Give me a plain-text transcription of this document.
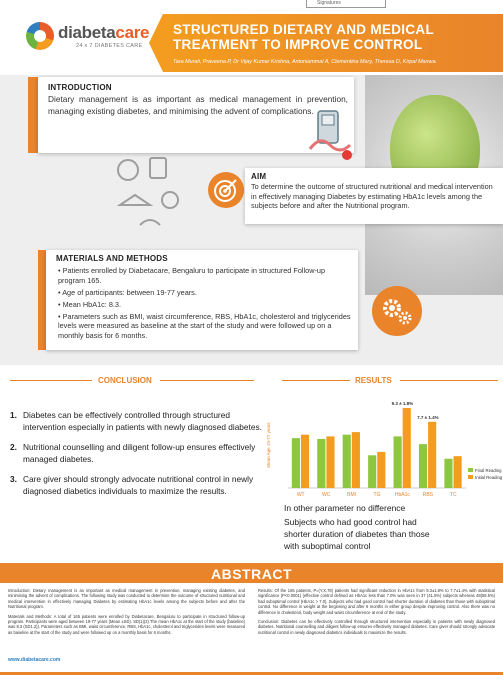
Signatures
diabetacare
24 x 7 DIABETES CARE
STRUCTURED DIETARY AND MEDICAL TREATMENT TO IMPROVE CONTROL
Tara Murali, Praveena.P, Dr Vijay Kumar Krishna, Antoniammal A, Clementina Mary, Theresa D, Kirpal Manwa.
INTRODUCTION
Dietary management is as important as medical management in prevention, managing existing diabetes, and minimising the advent of complications.
AIM
To determine the outcome of structured nutritional and medical intervention in effectively managing Diabetes by estimating HbA1c levels among the subjects before and after the Nutritional program.
MATERIALS AND METHODS
• Patients enrolled by Diabetacare, Bengaluru to participate in structured Follow-up program 165.
• Age of participants: between 19-77 years.
• Mean HbA1c: 8.3.
• Parameters such as BMI, waist circumference, RBS, HbA1c, cholesterol and triglycerides levels were measured as baseline at the start of the study and were followed up on a monthly basis for 6 months.
CONCLUSION
1. Diabetes can be effectively controlled through structured intervention especially in patients with newly diagnosed diabetes.
2. Nutritional counselling and diligent follow-up ensures effectively managed diabetes.
3. Care giver should strongly advocate nutritional control in newly diagnosed diabetics individuals to maximize the results.
RESULTS
Mean Age 19-77 years
WT	WC	BMI	TG	HbA1c	RBS	TC
9.3 ± 1.8%
7.7 ± 1.4%
Final Reading
Initial Reading
In other parameter no difference
Subjects who had good control had shorter duration of diabetes than those with suboptimal control
ABSTRACT

Introduction: Dietary management is as important as medical management in prevention, managing existing diabetes, and minimising the advent of complications. The following study was conducted to determine the outcome of structured nutritional and medical intervention in effectively managing Diabetes by estimating HbA1c levels among the subjects before and after the Nutritional program.

Materials and Methods: A total of 165 patients were enrolled by Diabetacare, Bengaluru to participate in structured follow-up program. Participants were aged between 19-77 years (Mean ±SD). SD(1)(2).The mean HbA1c at the start of the study (baseline) was 8.3 (SD1.2)). Parameters such as BMI, waist circumference, RBS, HbA1c, cholesterol and triglycerides levels were measured as baseline at the start of the study and were followed up on a monthly basis for 6 months.

Results: Of the 165 patients, P=(Y,X,78) patients had significant reduction in HbA1c from 9.3±1.8% to 7.7±1.4% with statistical significance (P<0.0001) (effective control defined as HbA1c less than 7.0% was seen in 37 (41.5%) subjects whereas 48(58.5%) had suboptimal control (HbA1c > 7.0). Subjects who had good control had shorter duration of diabetes than those with suboptimal control. No difference in weight at the beginning and after 6 months in either group despite improving control. Also there was no difference in cholesterol, body weight and waist circumference at end of the study.

Conclusion: Diabetes can be effectively controlled through structured intervention especially in patients with newly diagnosed diabetes. Nutritional counselling and diligent follow-up ensures effectively managed diabetes. Care giver should strongly advocate nutritional control in newly diagnosed diabetics individuals to maximize the results.

www.diabetacare.com
